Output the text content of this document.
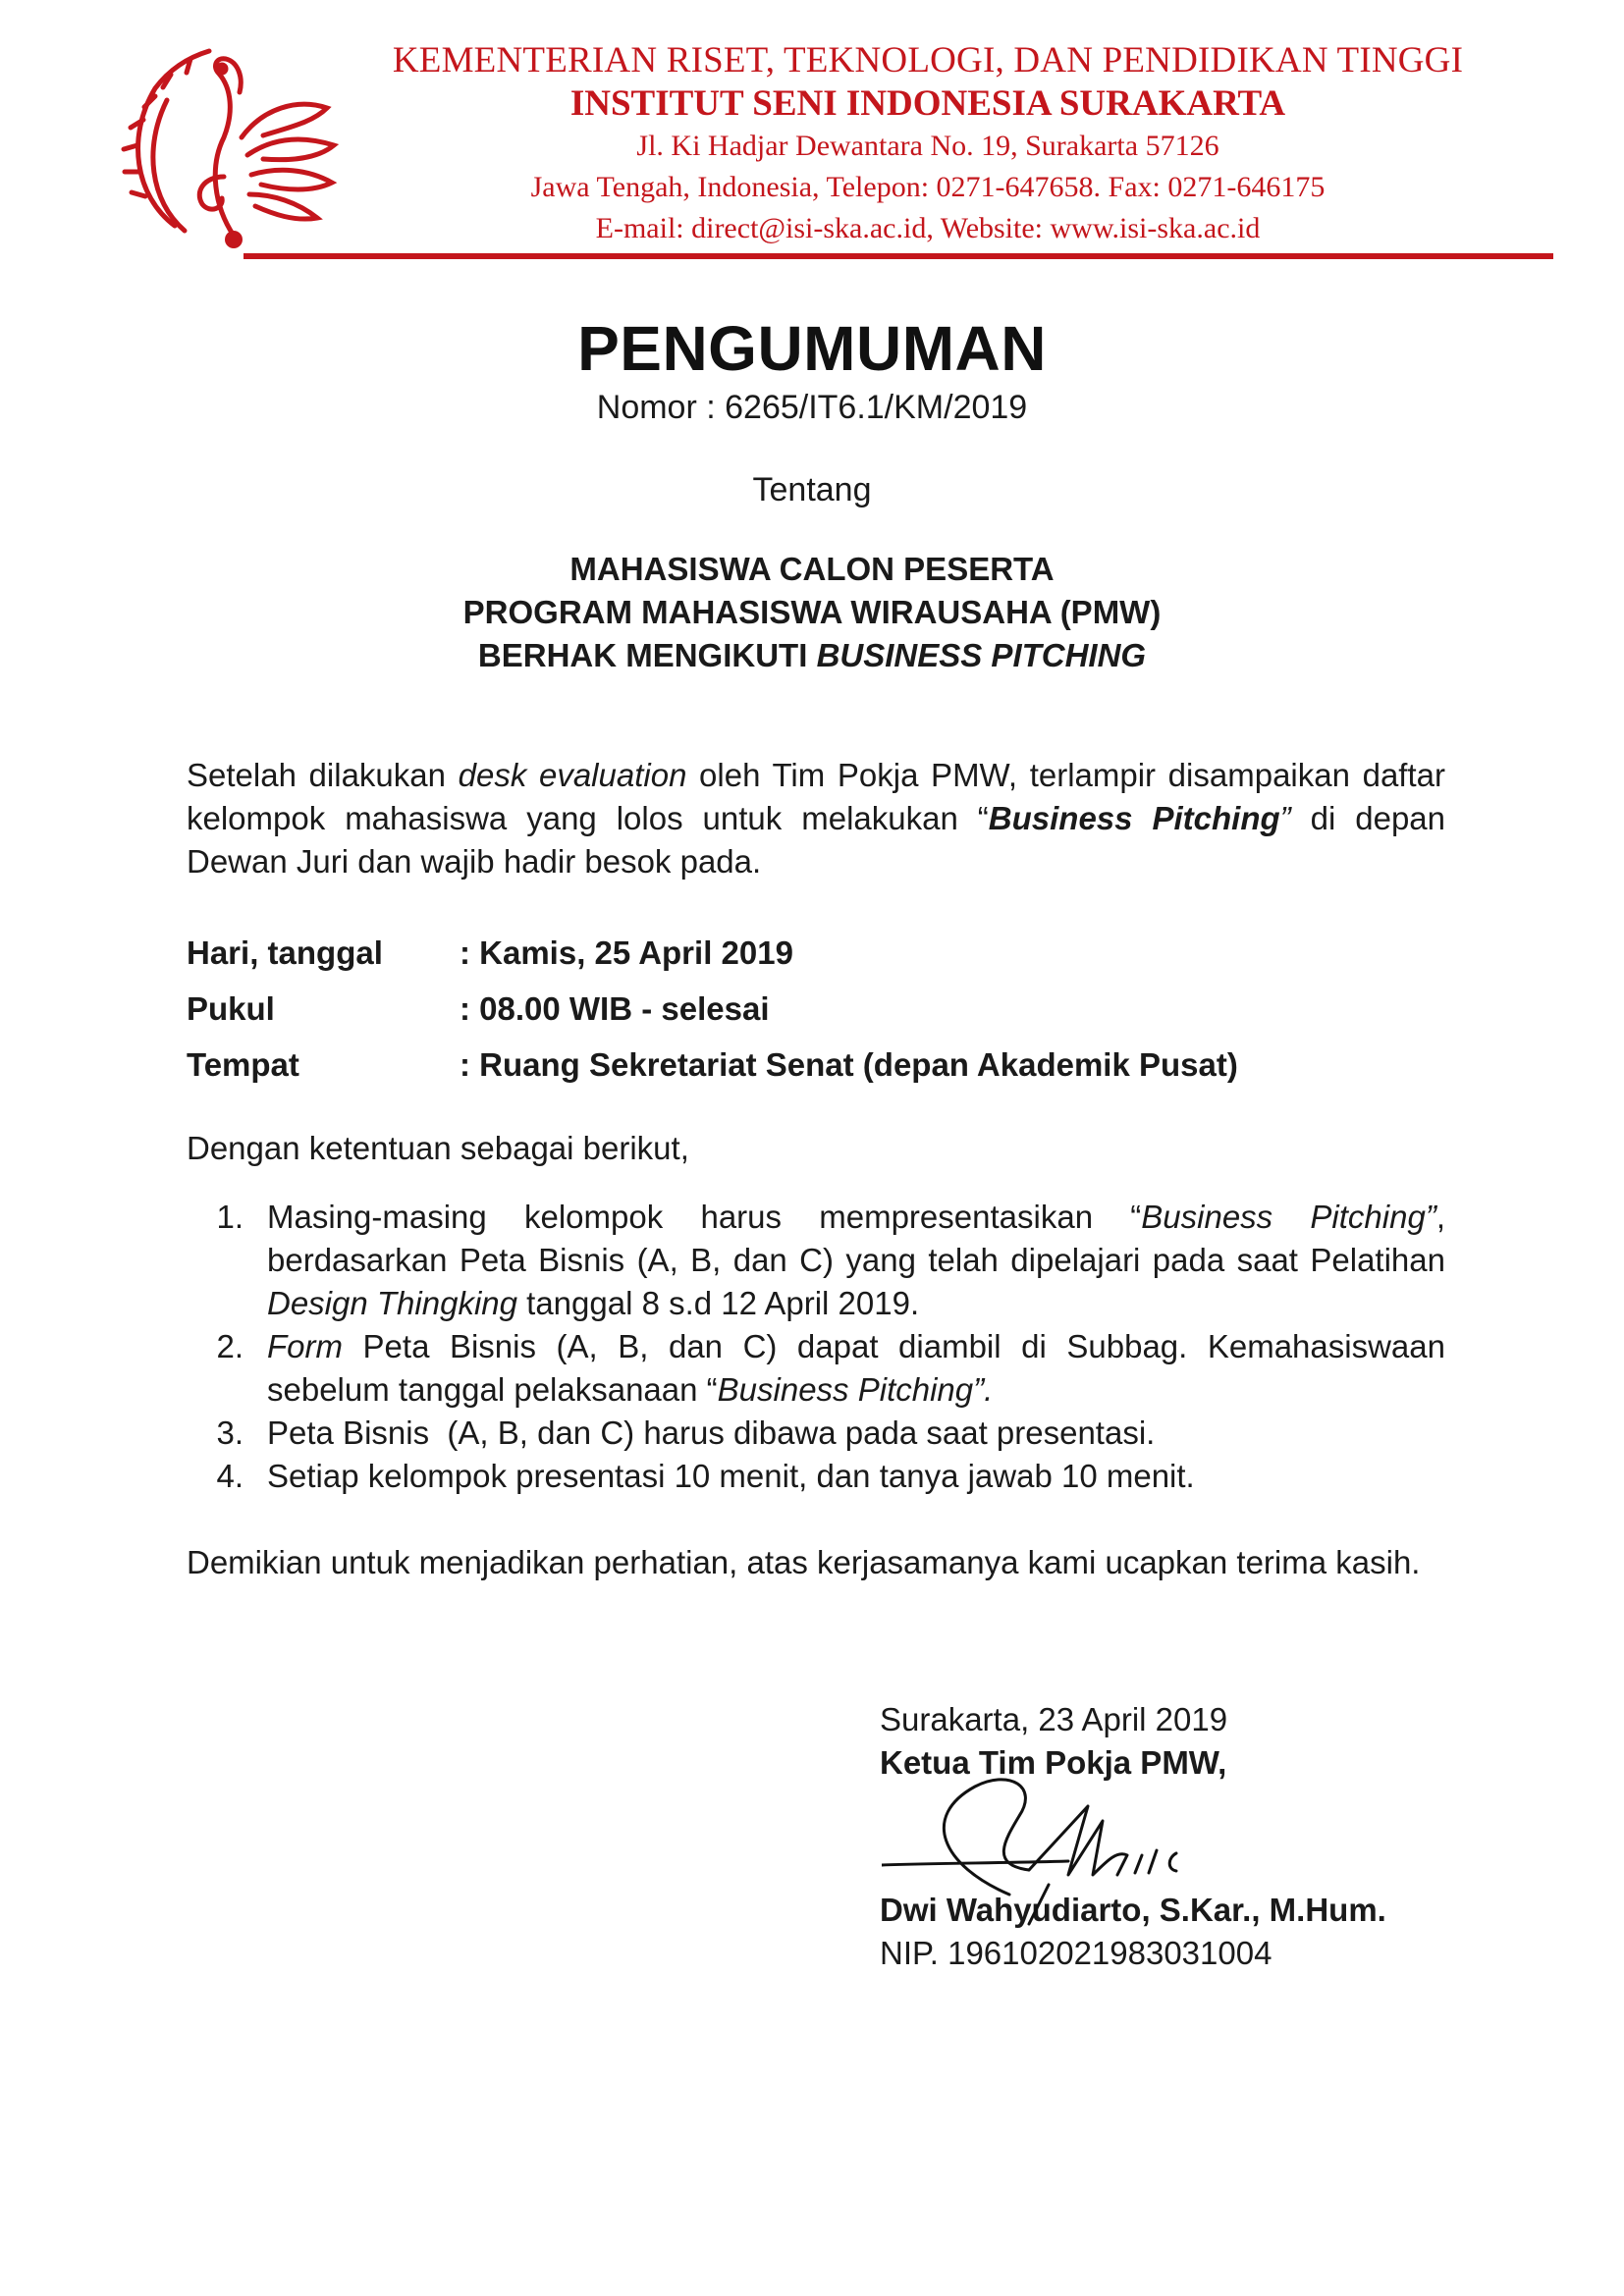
KEMENTERIAN RISET, TEKNOLOGI, DAN PENDIDIKAN TINGGI
INSTITUT SENI INDONESIA SURAKARTA
Jl. Ki Hadjar Dewantara No. 19, Surakarta 57126
Jawa Tengah, Indonesia, Telepon: 0271-647658. Fax: 0271-646175
E-mail: direct@isi-ska.ac.id, Website: www.isi-ska.ac.id
PENGUMUMAN
Nomor : 6265/IT6.1/KM/2019
Tentang
MAHASISWA CALON PESERTA
PROGRAM MAHASISWA WIRAUSAHA (PMW)
BERHAK MENGIKUTI BUSINESS PITCHING
Setelah dilakukan desk evaluation oleh Tim Pokja PMW, terlampir disampaikan daftar kelompok mahasiswa yang lolos untuk melakukan “Business Pitching” di depan Dewan Juri dan wajib hadir besok pada.
Hari, tanggal	: Kamis, 25 April 2019
Pukul	: 08.00 WIB - selesai
Tempat	: Ruang Sekretariat Senat (depan Akademik Pusat)
Dengan ketentuan sebagai berikut,
1. Masing-masing kelompok harus mempresentasikan “Business Pitching”, berdasarkan Peta Bisnis (A, B, dan C) yang telah dipelajari pada saat Pelatihan Design Thingking tanggal 8 s.d 12 April 2019.
2. Form Peta Bisnis (A, B, dan C) dapat diambil di Subbag. Kemahasiswaan sebelum tanggal pelaksanaan “Business Pitching”.
3. Peta Bisnis  (A, B, dan C) harus dibawa pada saat presentasi.
4. Setiap kelompok presentasi 10 menit, dan tanya jawab 10 menit.
Demikian untuk menjadikan perhatian, atas kerjasamanya kami ucapkan terima kasih.
Surakarta, 23 April 2019
Ketua Tim Pokja PMW,
Dwi Wahyudiarto, S.Kar., M.Hum.
NIP. 196102021983031004
